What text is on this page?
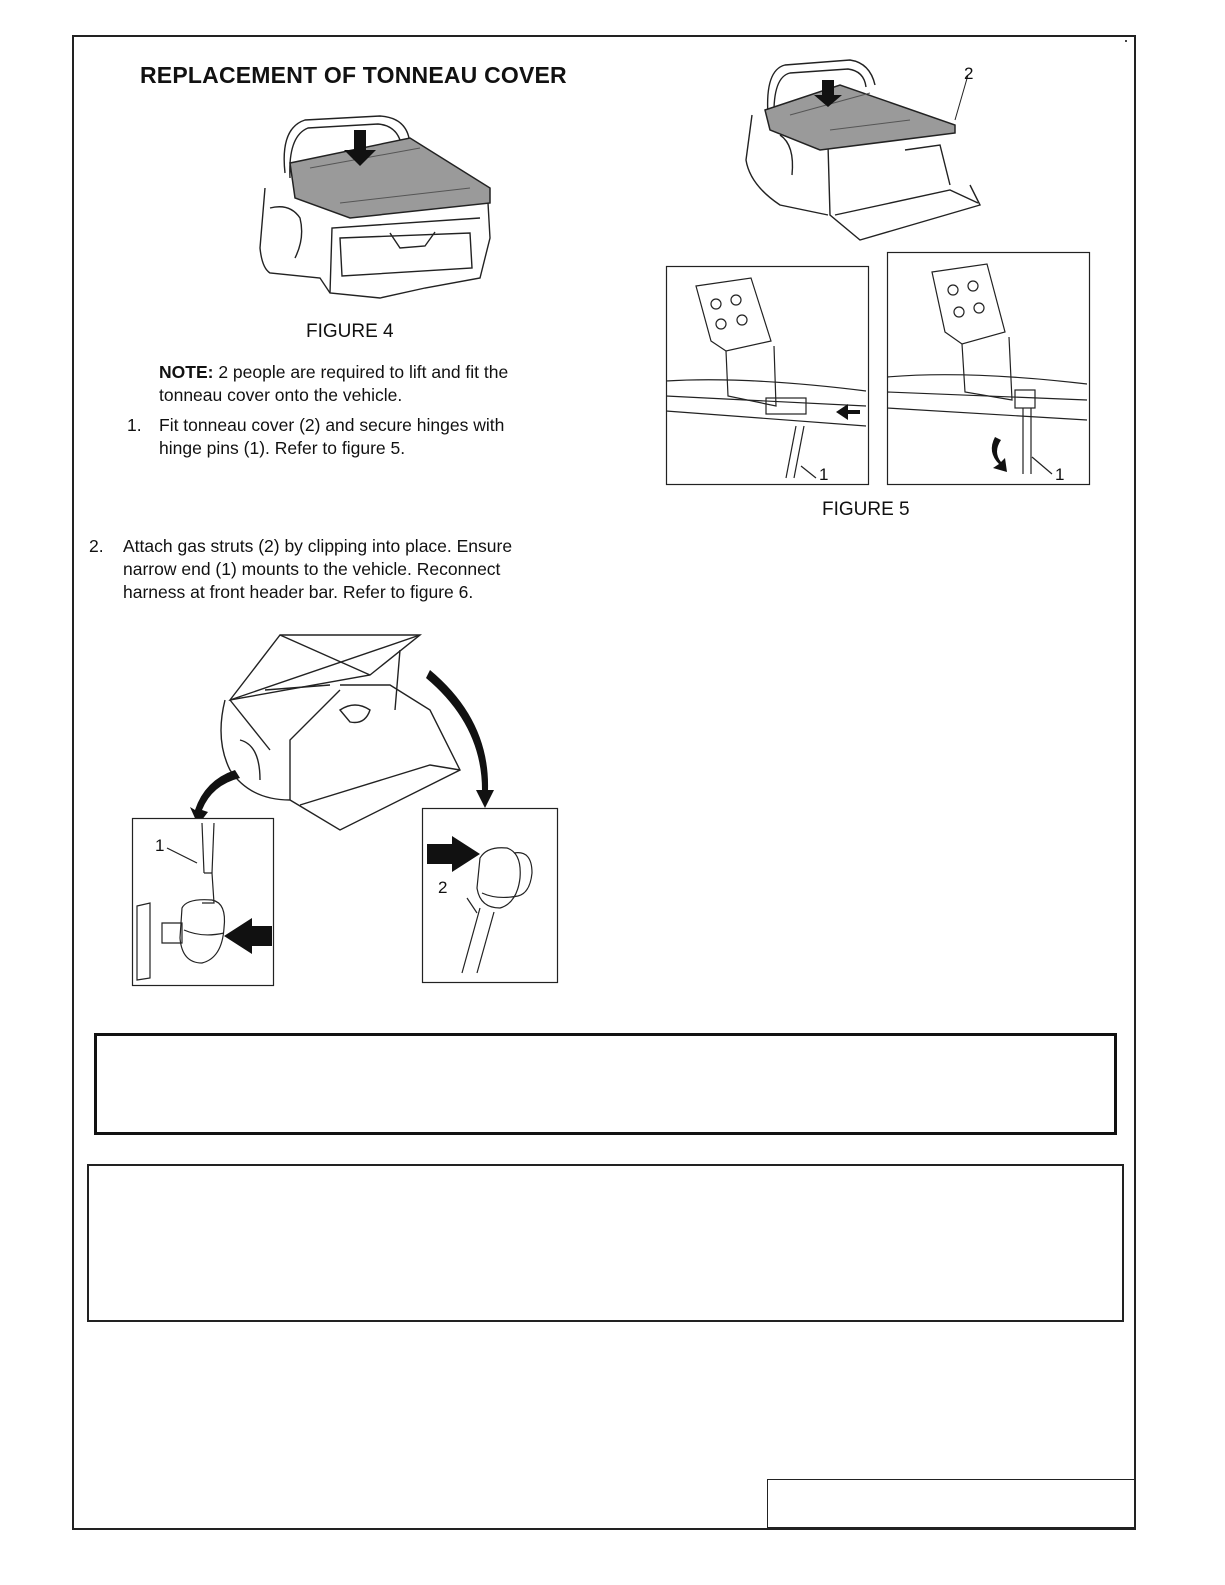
REPLACEMENT OF TONNEAU COVER
FIGURE 4
NOTE: 2 people are required to lift and fit the
tonneau cover onto the vehicle.
1. Fit tonneau cover (2) and secure hinges with
hinge pins (1). Refer to figure 5.
2. Attach gas struts (2) by clipping into place. Ensure
narrow end (1) mounts to the vehicle. Reconnect
harness at front header bar. Refer to figure 6.
2
1	1
FIGURE 5
1
2
